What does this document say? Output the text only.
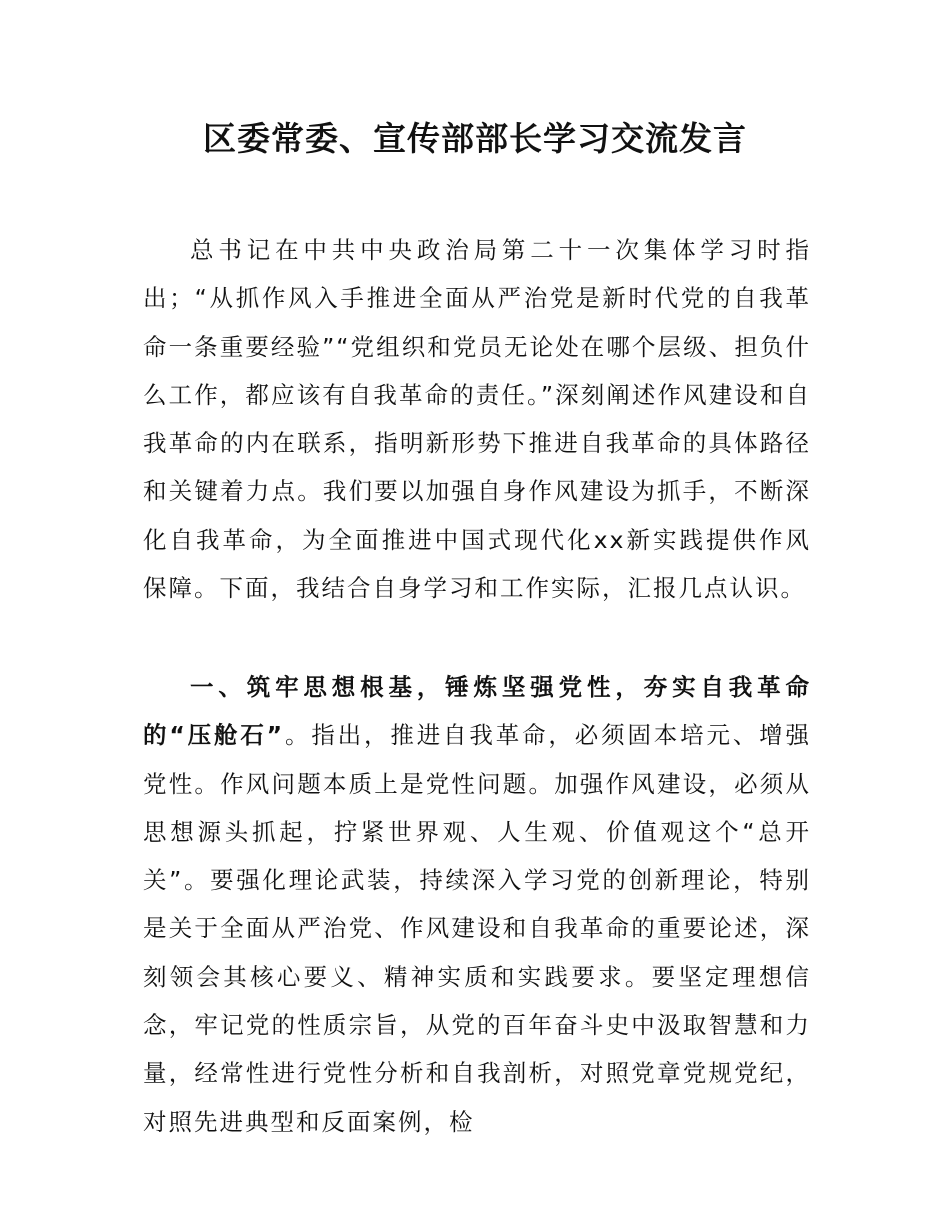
区委常委、宣传部部长学习交流发言

总书记在中共中央政治局第二十一次集体学习时指出；“从抓作风入手推进全面从严治党是新时代党的自我革命一条重要经验”“党组织和党员无论处在哪个层级、担负什么工作，都应该有自我革命的责任。”深刻阐述作风建设和自我革命的内在联系，指明新形势下推进自我革命的具体路径和关键着力点。我们要以加强自身作风建设为抓手，不断深化自我革命，为全面推进中国式现代化xx新实践提供作风保障。下面，我结合自身学习和工作实际，汇报几点认识。

一、筑牢思想根基，锤炼坚强党性，夯实自我革命的“压舱石”。指出，推进自我革命，必须固本培元、增强党性。作风问题本质上是党性问题。加强作风建设，必须从思想源头抓起，拧紧世界观、人生观、价值观这个“总开关”。要强化理论武装，持续深入学习党的创新理论，特别是关于全面从严治党、作风建设和自我革命的重要论述，深刻领会其核心要义、精神实质和实践要求。要坚定理想信念，牢记党的性质宗旨，从党的百年奋斗史中汲取智慧和力量，经常性进行党性分析和自我剖析，对照党章党规党纪，对照先进典型和反面案例，检
